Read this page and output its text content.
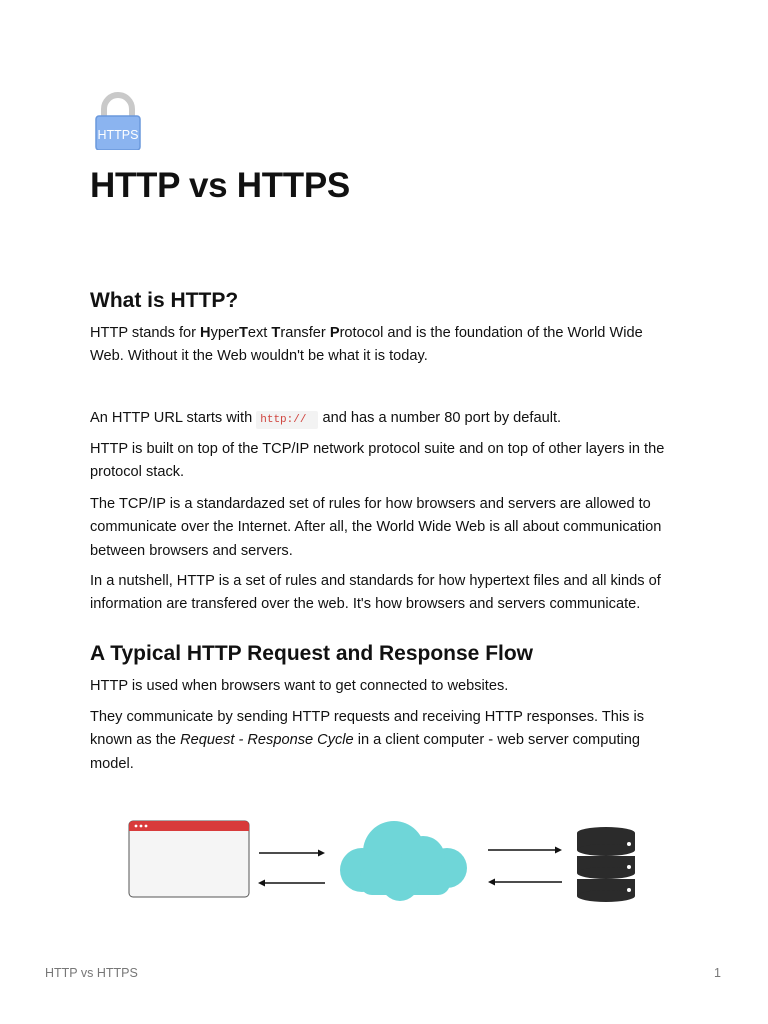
HTTPS
HTTP vs HTTPS
What is HTTP?

HTTP stands for HyperText Transfer Protocol and is the foundation of the World Wide Web. Without it the Web wouldn't be what it is today.

An HTTP URL starts with http:// and has a number 80 port by default.

HTTP is built on top of the TCP/IP network protocol suite and on top of other layers in the protocol stack.

The TCP/IP is a standardazed set of rules for how browsers and servers are allowed to communicate over the Internet. After all, the World Wide Web is all about communication between browsers and servers.

In a nutshell, HTTP is a set of rules and standards for how hypertext files and all kinds of information are transfered over the web. It's how browsers and servers communicate.

A Typical HTTP Request and Response Flow

HTTP is used when browsers want to get connected to websites.

They communicate by sending HTTP requests and receiving HTTP responses. This is known as the Request - Response Cycle in a client computer - web server computing model.

HTTP vs HTTPS	1
